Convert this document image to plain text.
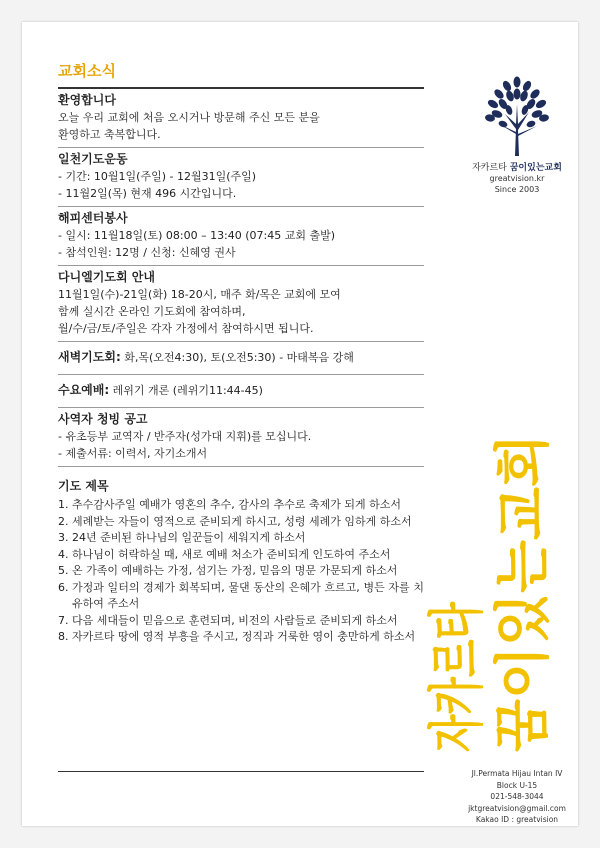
교회소식
환영합니다
오늘 우리 교회에 처음 오시거나 방문해 주신 모든 분을
환영하고 축복합니다.
일천기도운동
- 기간: 10월1일(주일) - 12월31일(주일)
- 11월2일(목) 현재 496 시간입니다.
해피센터봉사
- 일시: 11월18일(토) 08:00 – 13:40 (07:45 교회 출발)
- 참석인원: 12명 / 신청: 신혜영 권사
다니엘기도회 안내
11월1일(수)-21일(화) 18-20시, 매주 화/목은 교회에 모여
함께 실시간 온라인 기도회에 참여하며,
월/수/금/토/주일은 각자 가정에서 참여하시면 됩니다.
새벽기도회: 화,목(오전4:30), 토(오전5:30) - 마태복음 강해
수요예배: 레위기 개론 (레위기11:44-45)
사역자 청빙 공고
- 유초등부 교역자 / 반주자(성가대 지휘)를 모십니다.
- 제출서류: 이력서, 자기소개서
기도 제목
1. 추수감사주일 예배가 영혼의 추수, 감사의 추수로 축제가 되게 하소서
2. 세례받는 자들이 영적으로 준비되게 하시고, 성령 세례가 임하게 하소서
3. 24년 준비된 하나님의 일꾼들이 세워지게 하소서
4. 하나님이 허락하실 때, 새로 예배 처소가 준비되게 인도하여 주소서
5. 온 가족이 예배하는 가정, 섬기는 가정, 믿음의 명문 가문되게 하소서
6. 가정과 일터의 경제가 회복되며, 물댄 동산의 은혜가 흐르고, 병든 자를 치유하여 주소서
7. 다음 세대들이 믿음으로 훈련되며, 비전의 사람들로 준비되게 하소서
8. 자카르타 땅에 영적 부흥을 주시고, 정직과 거룩한 영이 충만하게 하소서
자카르타 꿈이있는교회
greatvision.kr
Since 2003
자카르타 꿈이있는교회
Jl.Permata Hijau Intan IV
Block U-15
021-548-3044
jktgreatvision@gmail.com
Kakao ID : greatvision
